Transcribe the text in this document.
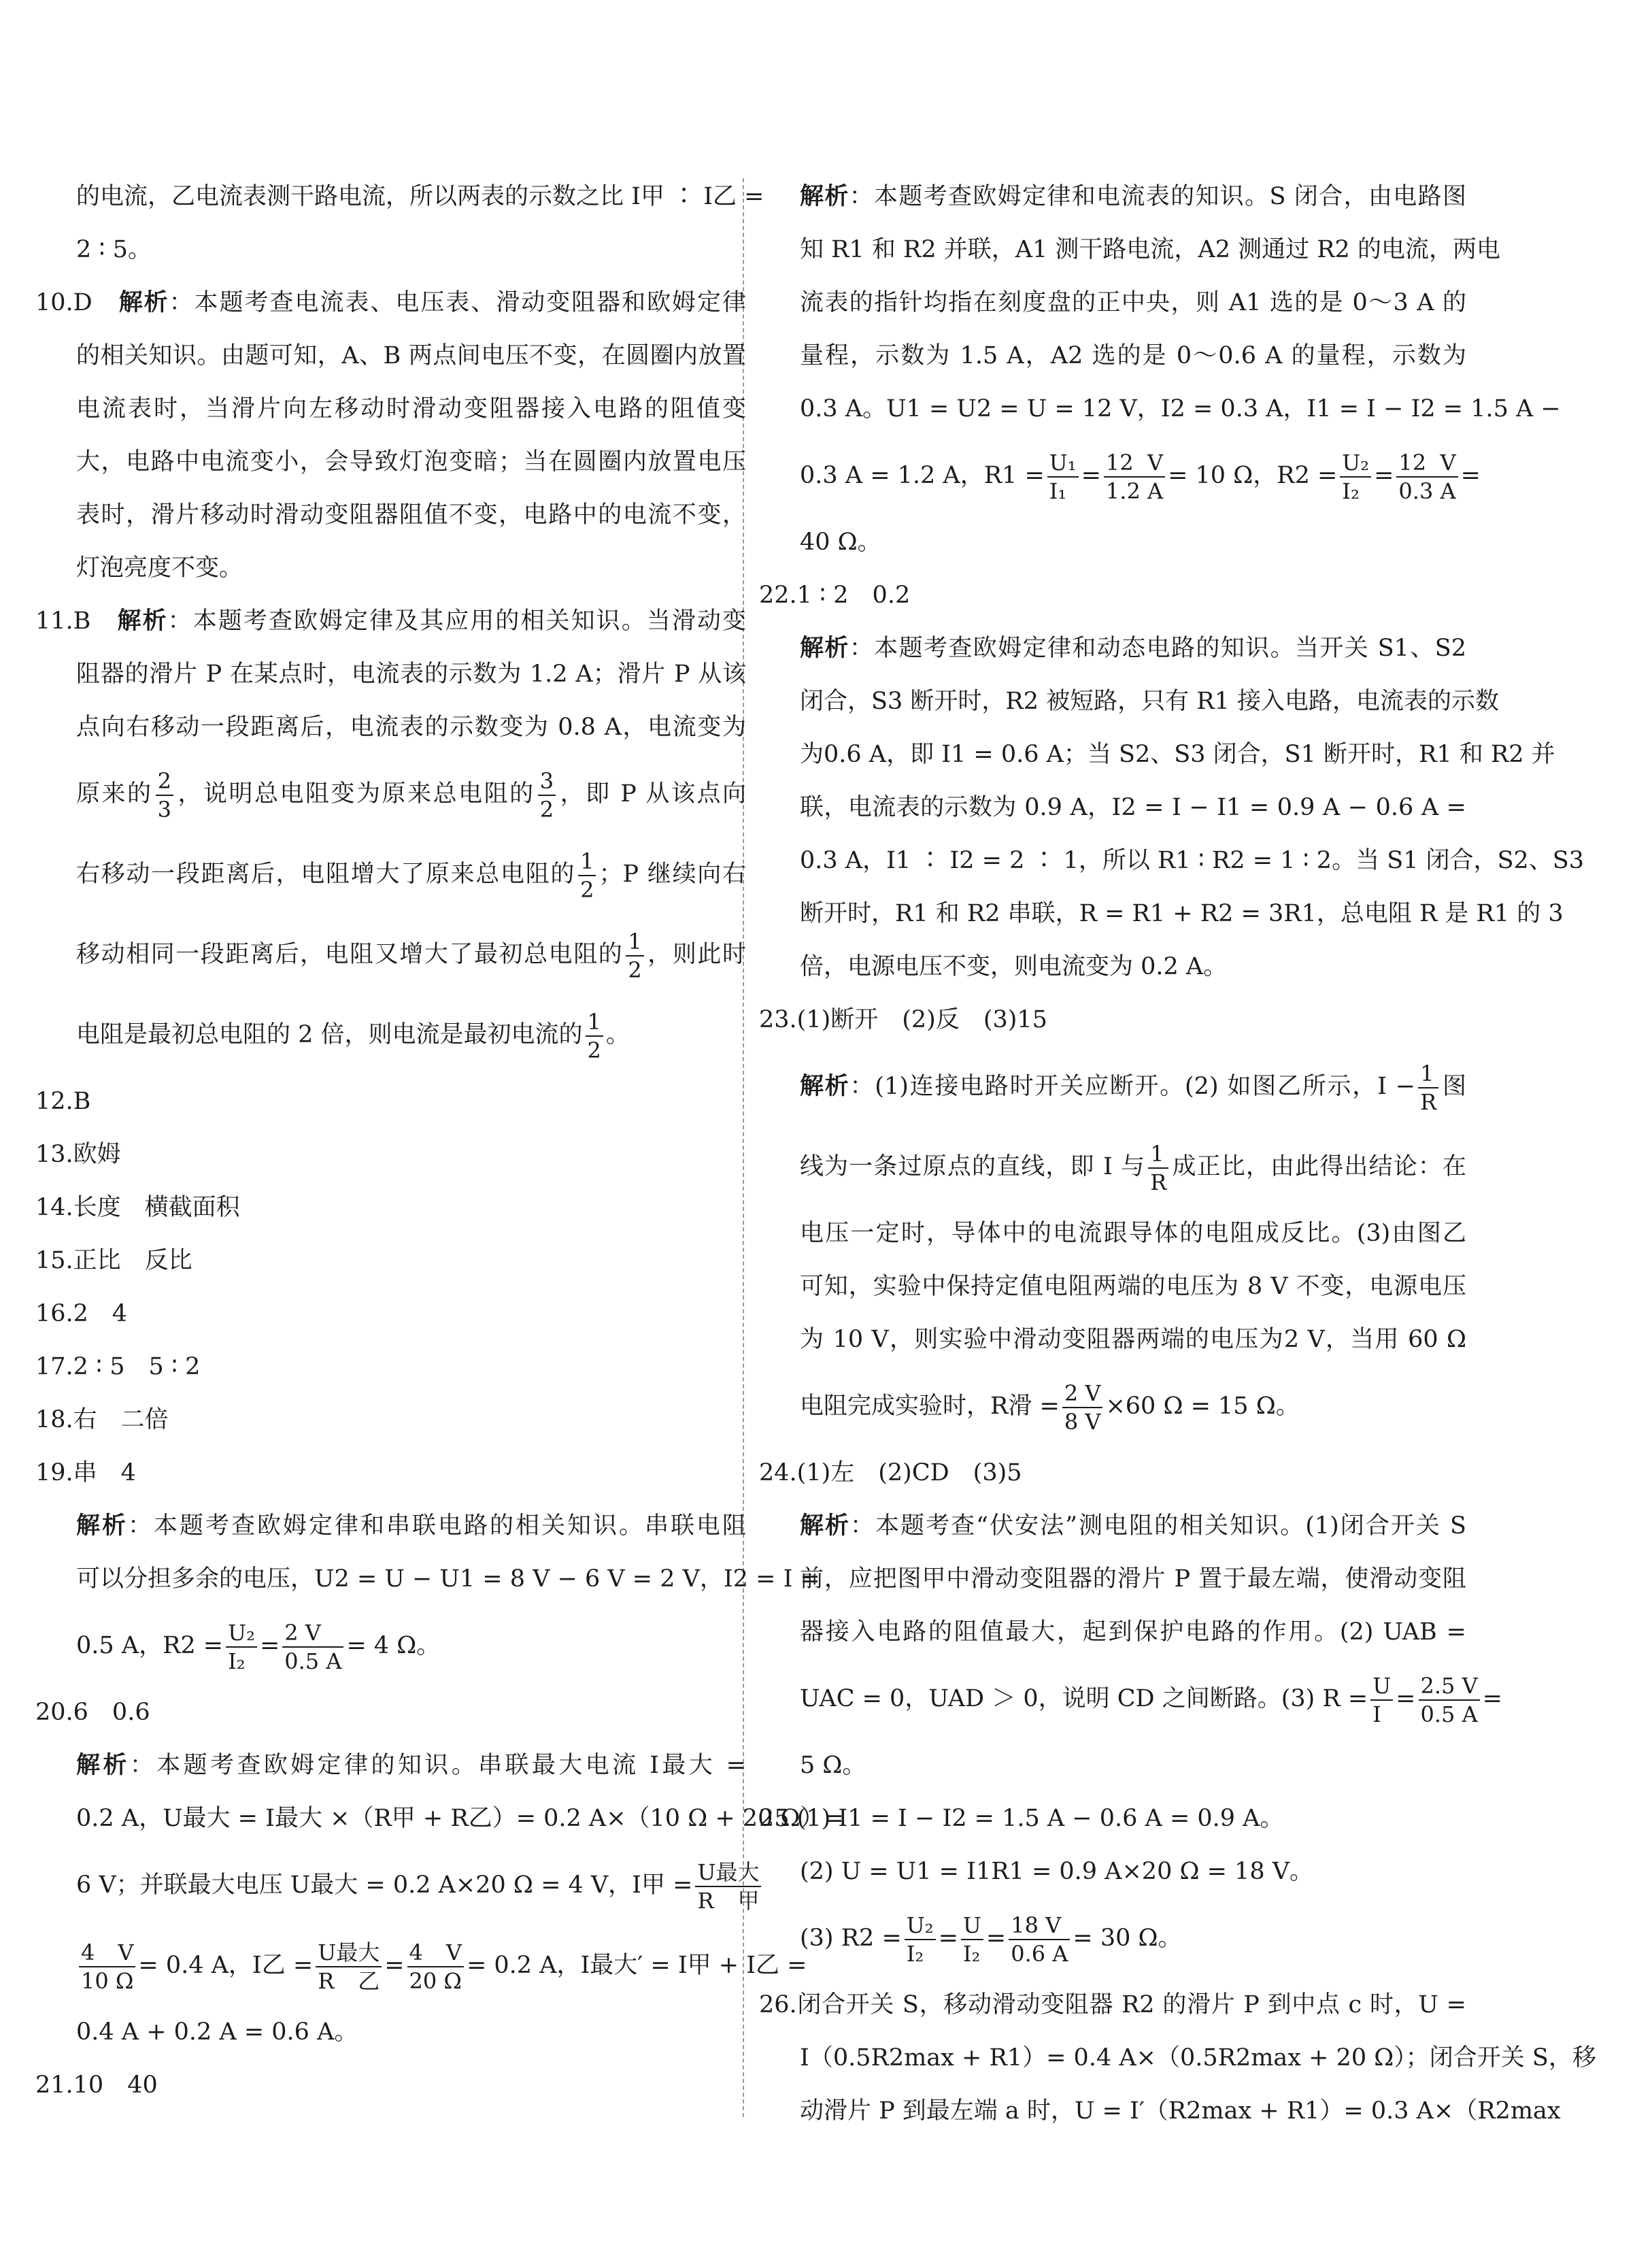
的电流，乙电流表测干路电流，所以两表的示数之比 I甲 ∶ I乙 =
2 ∶ 5。
10.D　 解析：本题考查电流表、电压表、滑动变阻器和欧姆定律
的相关知识。由题可知，A、B 两点间电压不变，在圆圈内放置
电流表时，当滑片向左移动时滑动变阻器接入电路的阻值变
大，电路中电流变小，会导致灯泡变暗；当在圆圈内放置电压
表时，滑片移动时滑动变阻器阻值不变，电路中的电流不变，
灯泡亮度不变。
11.B　 解析：本题考查欧姆定律及其应用的相关知识。当滑动变
阻器的滑片 P 在某点时，电流表的示数为 1.2 A；滑片 P 从该
点向右移动一段距离后，电流表的示数变为 0.8 A，电流变为
原来的 $\frac{2}{3}$ ，说明总电阻变为原来总电阻的 $\frac{3}{2}$ ，即 P 从该点向
右移动一段距离后，电阻增大了原来总电阻的 $\frac{1}{2}$ ；P 继续向右
移动相同一段距离后，电阻又增大了最初总电阻的 $\frac{1}{2}$ ，则此时
电阻是最初总电阻的 2 倍，则电流是最初电流的 $\frac{1}{2}$ 。
12.B
13.欧姆
14.长度　横截面积
15.正比　反比
16.2　4
17.2 ∶ 5　5 ∶ 2
18.右　二倍
19.串　4
解析：本题考查欧姆定律和串联电路的相关知识。串联电阻
可以分担多余的电压，U2 = U − U1 = 8 V − 6 V = 2 V，I2 = I =
0.5 A，$R2 = \frac{\text{U₂}}{\text{I₂}} = \frac{2 V}{0.5 A} = 4$ Ω。
20.6　0.6
解析：本题考查欧姆定律的知识。串联最大电流 I最大 =
0.2 A，U最大 = I最大 ×（R甲 + R乙）= 0.2 A×（10 Ω + 20 Ω）=
6 V；并联最大电压 U最大 = 0.2 A×20 Ω = 4 V，I甲 = $\frac{\text{U最大}}{\text{R甲}}$
$\frac{4 V}{10 \Omega} = 0.4$ A，I乙 = $\frac{\text{U最大}}{\text{R乙}} = \frac{4 V}{20 \Omega} = 0.2$ A，I最大′ = I甲 + I乙 =
0.4 A + 0.2 A = 0.6 A。
21.10　40
解析：本题考查欧姆定律和电流表的知识。S 闭合，由电路图
知 R1 和 R2 并联，A1 测干路电流，A2 测通过 R2 的电流，两电
流表的指针均指在刻度盘的正中央，则 A1 选的是 0～3 A 的
量程，示数为 1.5 A，A2 选的是 0～0.6 A 的量程，示数为
0.3 A。U1 = U2 = U = 12 V，I2 = 0.3 A，I1 = I − I2 = 1.5 A −
0.3 A = 1.2 A，$R1 = \frac{\text{U₁}}{\text{I₁}} = \frac{12 V}{1.2 A} = 10$ Ω，$R2 = \frac{\text{U₂}}{\text{I₂}} = \frac{12 V}{0.3 A}$ =
40 Ω。
22.1 ∶ 2　0.2
解析：本题考查欧姆定律和动态电路的知识。当开关 S1、S2
闭合，S3 断开时，R2 被短路，只有 R1 接入电路，电流表的示数
为0.6 A，即 I1 = 0.6 A；当 S2、S3 闭合，S1 断开时，R1 和 R2 并
联，电流表的示数为 0.9 A，I2 = I − I1 = 0.9 A − 0.6 A =
0.3 A，I1 ∶ I2 = 2 ∶ 1，所以 R1 ∶ R2 = 1 ∶ 2。当 S1 闭合，S2、S3
断开时，R1 和 R2 串联，R = R1 + R2 = 3R1，总电阻 R 是 R1 的 3
倍，电源电压不变，则电流变为 0.2 A。
23.(1)断开　(2)反　(3)15
解析：(1)连接电路时开关应断开。(2) 如图乙所示，$I - \frac{1}{R}$ 图
线为一条过原点的直线，即 I 与 $\frac{1}{R}$ 成正比，由此得出结论：在
电压一定时，导体中的电流跟导体的电阻成反比。(3)由图乙
可知，实验中保持定值电阻两端的电压为 8 V 不变，电源电压
为 10 V，则实验中滑动变阻器两端的电压为2 V，当用 60 Ω
电阻完成实验时，R滑 = $\frac{2 V}{8 V} \times 60$ Ω = 15 Ω。
24.(1)左　(2)CD　(3)5
解析：本题考查“伏安法”测电阻的相关知识。(1)闭合开关 S
前，应把图甲中滑动变阻器的滑片 P 置于最左端，使滑动变阻
器接入电路的阻值最大，起到保护电路的作用。(2) UAB =
UAC = 0，UAD ＞ 0，说明 CD 之间断路。(3) $R = \frac{U}{I} = \frac{2.5 V}{0.5 A}$ =
5 Ω。
25.(1) I1 = I − I2 = 1.5 A − 0.6 A = 0.9 A。
(2) U = U1 = I1R1 = 0.9 A×20 Ω = 18 V。
(3) $R2 = \frac{\text{U₂}}{\text{I₂}} = \frac{U}{\text{I₂}} = \frac{18 V}{0.6 A} = 30$ Ω。
26.闭合开关 S，移动滑动变阻器 R2 的滑片 P 到中点 c 时，U =
I（0.5R2max + R1）= 0.4 A×（0.5R2max + 20 Ω）；闭合开关 S，移
动滑片 P 到最左端 a 时，U = I′（R2max + R1）= 0.3 A×（R2max
